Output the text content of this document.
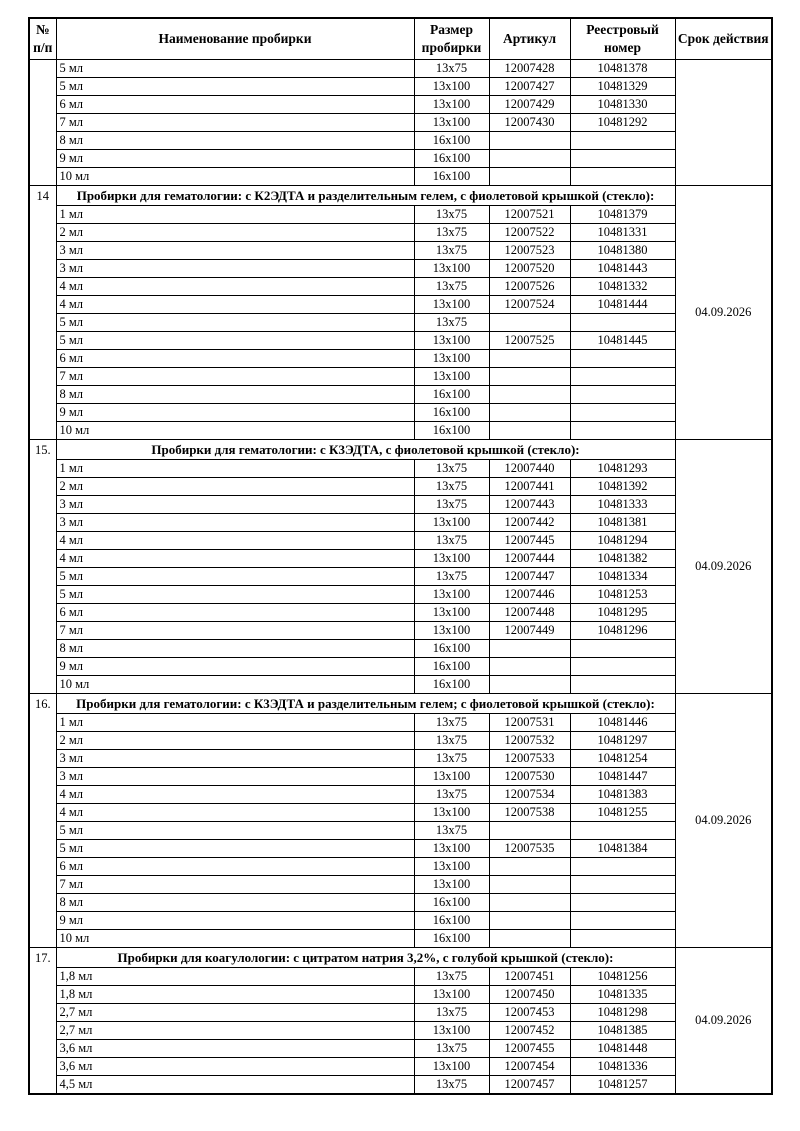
№ п/п	Наименование пробирки	Размер пробирки	Артикул	Реестровый номер	Срок действия
	5 мл	13x75	12007428	10481378	
	5 мл	13x100	12007427	10481329	
	6 мл	13x100	12007429	10481330	
	7 мл	13x100	12007430	10481292	
	8 мл	16x100			
	9 мл	16x100			
	10 мл	16x100			
14	Пробирки для гематологии: с К2ЭДТА и разделительным гелем, с фиолетовой крышкой (стекло):				04.09.2026
	1 мл	13x75	12007521	10481379	
	2 мл	13x75	12007522	10481331	
	3 мл	13x75	12007523	10481380	
	3 мл	13x100	12007520	10481443	
	4 мл	13x75	12007526	10481332	
	4 мл	13x100	12007524	10481444	
	5 мл	13x75			
	5 мл	13x100	12007525	10481445	
	6 мл	13x100			
	7 мл	13x100			
	8 мл	16x100			
	9 мл	16x100			
	10 мл	16x100			
15.	Пробирки для гематологии: с К3ЭДТА, с фиолетовой крышкой (стекло):				04.09.2026
	1 мл	13x75	12007440	10481293	
	2 мл	13x75	12007441	10481392	
	3 мл	13x75	12007443	10481333	
	3 мл	13x100	12007442	10481381	
	4 мл	13x75	12007445	10481294	
	4 мл	13x100	12007444	10481382	
	5 мл	13x75	12007447	10481334	
	5 мл	13x100	12007446	10481253	
	6 мл	13x100	12007448	10481295	
	7 мл	13x100	12007449	10481296	
	8 мл	16x100			
	9 мл	16x100			
	10 мл	16x100			
16.	Пробирки для гематологии: с К3ЭДТА и разделительным гелем; с фиолетовой крышкой (стекло):				04.09.2026
	1 мл	13x75	12007531	10481446	
	2 мл	13x75	12007532	10481297	
	3 мл	13x75	12007533	10481254	
	3 мл	13x100	12007530	10481447	
	4 мл	13x75	12007534	10481383	
	4 мл	13x100	12007538	10481255	
	5 мл	13x75			
	5 мл	13x100	12007535	10481384	
	6 мл	13x100			
	7 мл	13x100			
	8 мл	16x100			
	9 мл	16x100			
	10 мл	16x100			
17.	Пробирки для коагулологии: с цитратом натрия 3,2%, с голубой крышкой (стекло):				04.09.2026
	1,8 мл	13x75	12007451	10481256	
	1,8 мл	13x100	12007450	10481335	
	2,7 мл	13x75	12007453	10481298	
	2,7 мл	13x100	12007452	10481385	
	3,6 мл	13x75	12007455	10481448	
	3,6 мл	13x100	12007454	10481336	
	4,5 мл	13x75	12007457	10481257	
